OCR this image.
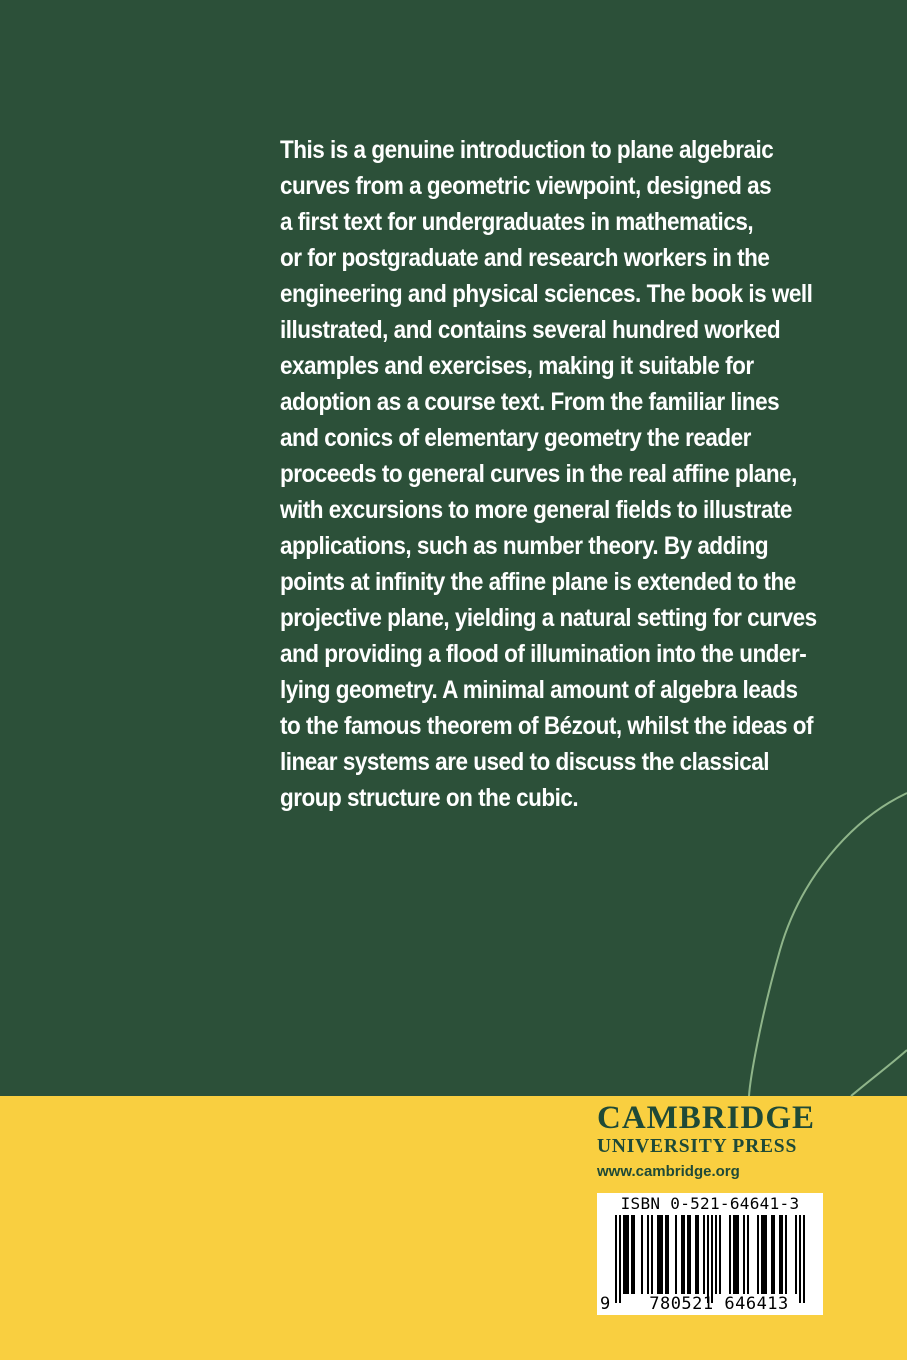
This is a genuine introduction to plane algebraic
curves from a geometric viewpoint, designed as
a first text for undergraduates in mathematics,
or for postgraduate and research workers in the
engineering and physical sciences. The book is well
illustrated, and contains several hundred worked
examples and exercises, making it suitable for
adoption as a course text. From the familiar lines
and conics of elementary geometry the reader
proceeds to general curves in the real affine plane,
with excursions to more general fields to illustrate
applications, such as number theory. By adding
points at infinity the affine plane is extended to the
projective plane, yielding a natural setting for curves
and providing a flood of illumination into the under-
lying geometry. A minimal amount of algebra leads
to the famous theorem of Bézout, whilst the ideas of
linear systems are used to discuss the classical
group structure on the cubic.

CAMBRIDGE
UNIVERSITY PRESS
www.cambridge.org
ISBN 0-521-64641-3
9	780521 646413
